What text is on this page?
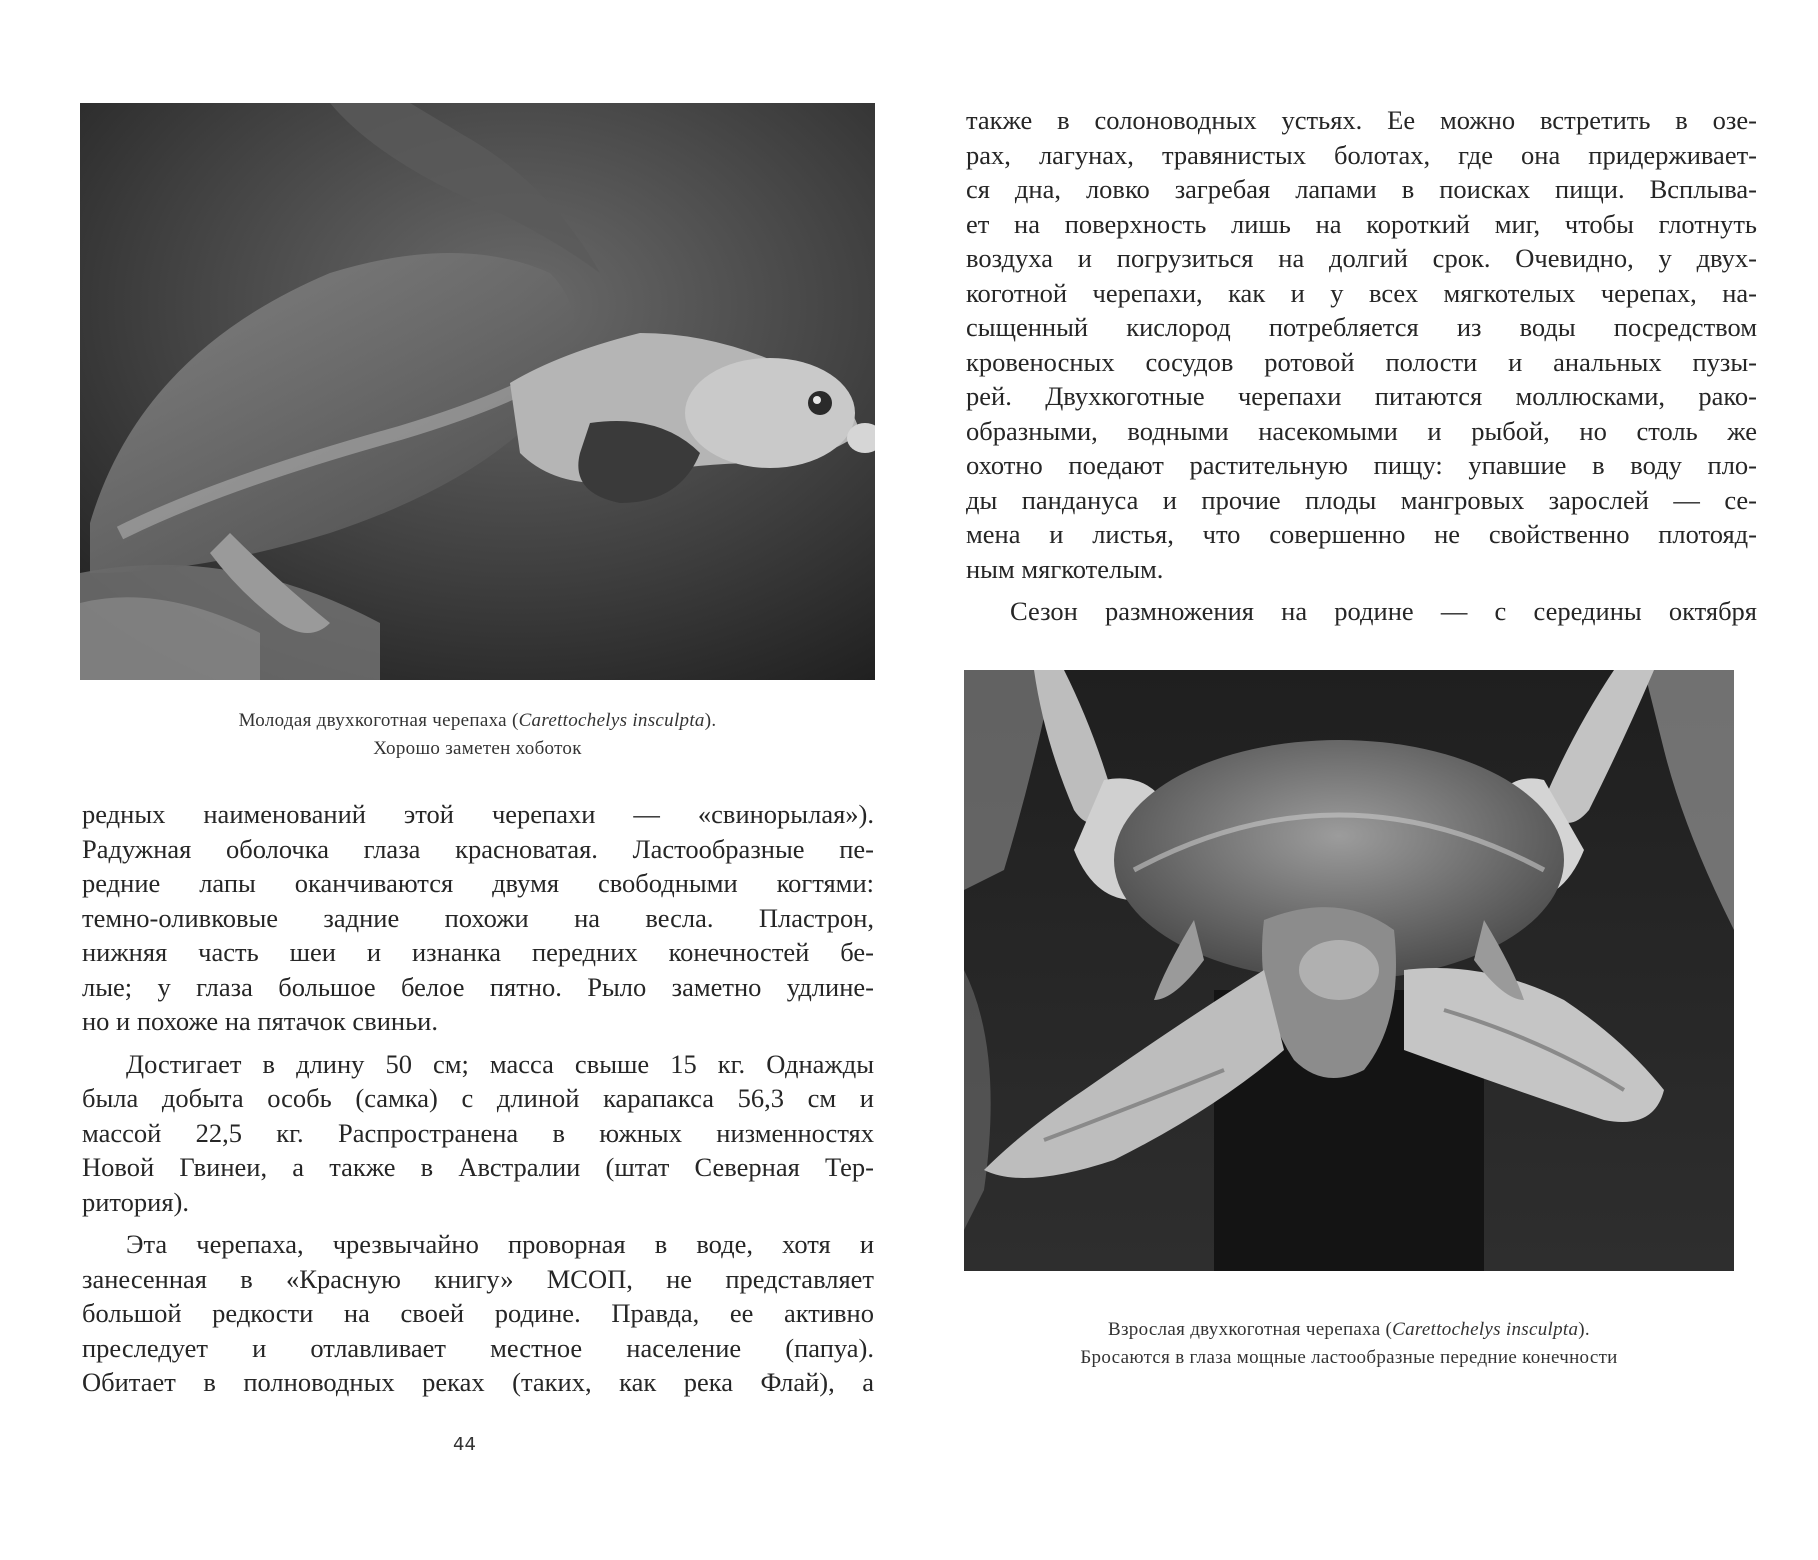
Молодая двухкоготная черепаха (Carettochelys insculpta).
Хорошо заметен хоботок

редных наименований этой черепахи — «свинорылая»).
Радужная оболочка глаза красноватая. Ластообразные пе-
редние лапы оканчиваются двумя свободными когтями:
темно-оливковые задние похожи на весла. Пластрон,
нижняя часть шеи и изнанка передних конечностей бе-
лые; у глаза большое белое пятно. Рыло заметно удлине-
но и похоже на пятачок свиньи.

Достигает в длину 50 см; масса свыше 15 кг. Однажды
была добыта особь (самка) с длиной карапакса 56,3 см и
массой 22,5 кг. Распространена в южных низменностях
Новой Гвинеи, а также в Австралии (штат Северная Тер-
ритория).

Эта черепаха, чрезвычайно проворная в воде, хотя и
занесенная в «Красную книгу» МСОП, не представляет
большой редкости на своей родине. Правда, ее активно
преследует и отлавливает местное население (папуа).
Обитает в полноводных реках (таких, как река Флай), а

44

также в солоноводных устьях. Ее можно встретить в озе-
рах, лагунах, травянистых болотах, где она придерживает-
ся дна, ловко загребая лапами в поисках пищи. Всплыва-
ет на поверхность лишь на короткий миг, чтобы глотнуть
воздуха и погрузиться на долгий срок. Очевидно, у двух-
коготной черепахи, как и у всех мягкотелых черепах, на-
сыщенный кислород потребляется из воды посредством
кровеносных сосудов ротовой полости и анальных пузы-
рей. Двухкоготные черепахи питаются моллюсками, рако-
образными, водными насекомыми и рыбой, но столь же
охотно поедают растительную пищу: упавшие в воду пло-
ды пандануса и прочие плоды мангровых зарослей — се-
мена и листья, что совершенно не свойственно плотояд-
ным мягкотелым.

Сезон размножения на родине — с середины октября

Взрослая двухкоготная черепаха (Carettochelys insculpta).
Бросаются в глаза мощные ластообразные передние конечности
